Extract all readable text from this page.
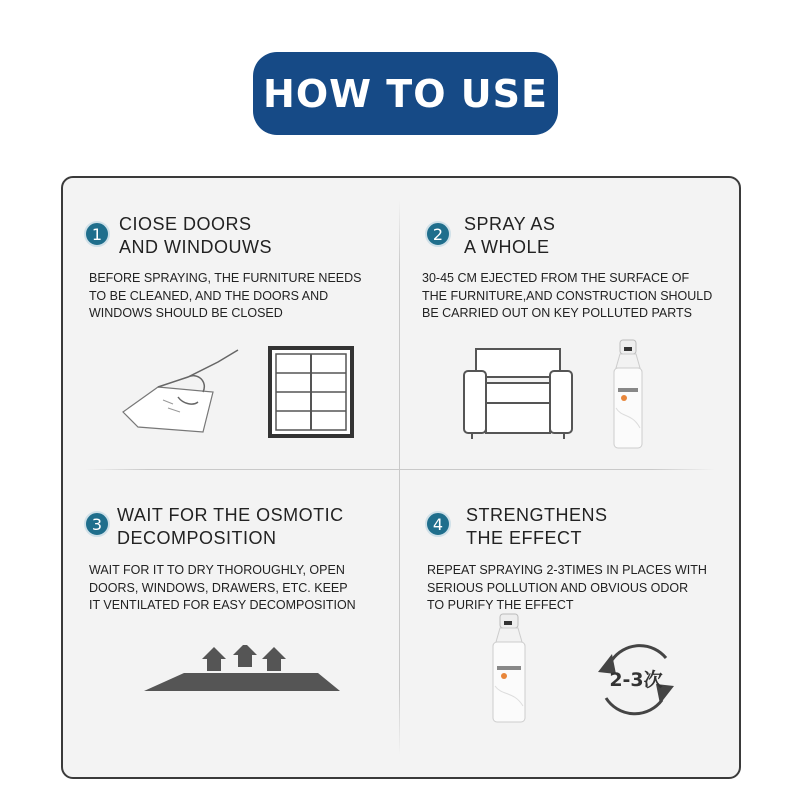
HOW TO USE
1 CIOSE DOORS
AND WINDOUWS
BEFORE SPRAYING, THE FURNITURE NEEDS
TO BE CLEANED, AND THE DOORS AND
WINDOWS SHOULD BE CLOSED
2	SPRAY AS
A WHOLE
30-45 CM EJECTED FROM THE SURFACE OF
THE FURNITURE,AND CONSTRUCTION SHOULD
BE CARRIED OUT ON KEY POLLUTED PARTS
3 WAIT FOR THE OSMOTIC
DECOMPOSITION
WAIT FOR IT TO DRY THOROUGHLY, OPEN
DOORS, WINDOWS, DRAWERS, ETC. KEEP
IT VENTILATED FOR EASY DECOMPOSITION
4	STRENGTHENS
THE EFFECT
REPEAT SPRAYING 2-3TIMES IN PLACES WITH
SERIOUS POLLUTION AND OBVIOUS ODOR
TO PURIFY THE EFFECT
2-3次
